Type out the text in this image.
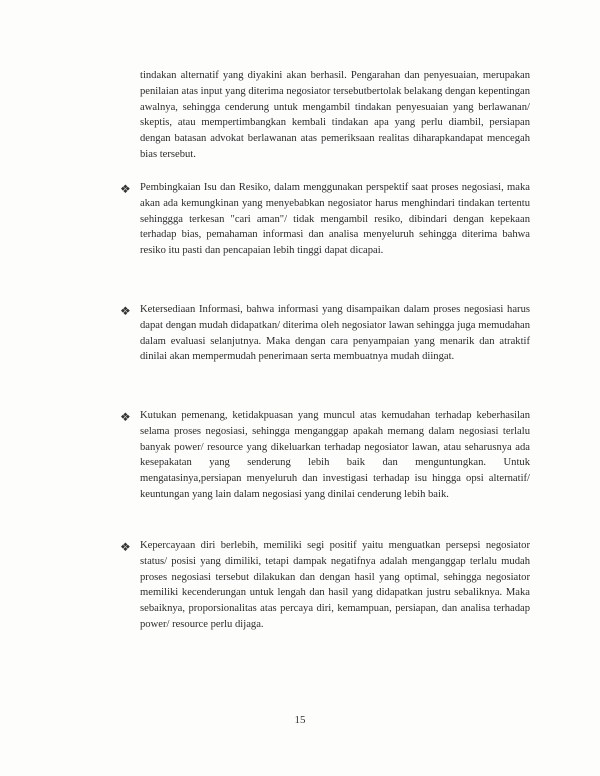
tindakan alternatif yang diyakini akan berhasil. Pengarahan dan penyesuaian, merupakan penilaian atas input yang diterima negosiator tersebutbertolak belakang dengan kepentingan awalnya, sehingga cenderung untuk mengambil tindakan penyesuaian yang berlawanan/ skeptis, atau mempertimbangkan kembali tindakan apa yang perlu diambil, persiapan dengan batasan advokat berlawanan atas pemeriksaan realitas diharapkandapat mencegah bias tersebut.

❖ Pembingkaian Isu dan Resiko, dalam menggunakan perspektif saat proses negosiasi, maka akan ada kemungkinan yang menyebabkan negosiator harus menghindari tindakan tertentu sehinggga terkesan "cari aman"/ tidak mengambil resiko, dibindari dengan kepekaan terhadap bias, pemahaman informasi dan analisa menyeluruh sehingga diterima bahwa resiko itu pasti dan pencapaian lebih tinggi dapat dicapai.

❖ Ketersediaan Informasi, bahwa informasi yang disampaikan dalam proses negosiasi harus dapat dengan mudah didapatkan/ diterima oleh negosiator lawan sehingga juga memudahan dalam evaluasi selanjutnya. Maka dengan cara penyampaian yang menarik dan atraktif dinilai akan mempermudah penerimaan serta membuatnya mudah diingat.

❖ Kutukan pemenang, ketidakpuasan yang muncul atas kemudahan terhadap keberhasilan selama proses negosiasi, sehingga menganggap apakah memang dalam negosiasi terlalu banyak power/ resource yang dikeluarkan terhadap negosiator lawan, atau seharusnya ada kesepakatan yang senderung lebih baik dan menguntungkan. Untuk mengatasinya,persiapan menyeluruh dan investigasi terhadap isu hingga opsi alternatif/ keuntungan yang lain dalam negosiasi yang dinilai cenderung lebih baik.

❖ Kepercayaan diri berlebih, memiliki segi positif yaitu menguatkan persepsi negosiator status/ posisi yang dimiliki, tetapi dampak negatifnya adalah menganggap terlalu mudah proses negosiasi tersebut dilakukan dan dengan hasil yang optimal, sehingga negosiator memiliki kecenderungan untuk lengah dan hasil yang didapatkan justru sebaliknya. Maka sebaiknya, proporsionalitas atas percaya diri, kemampuan, persiapan, dan analisa terhadap power/ resource perlu dijaga.

15
